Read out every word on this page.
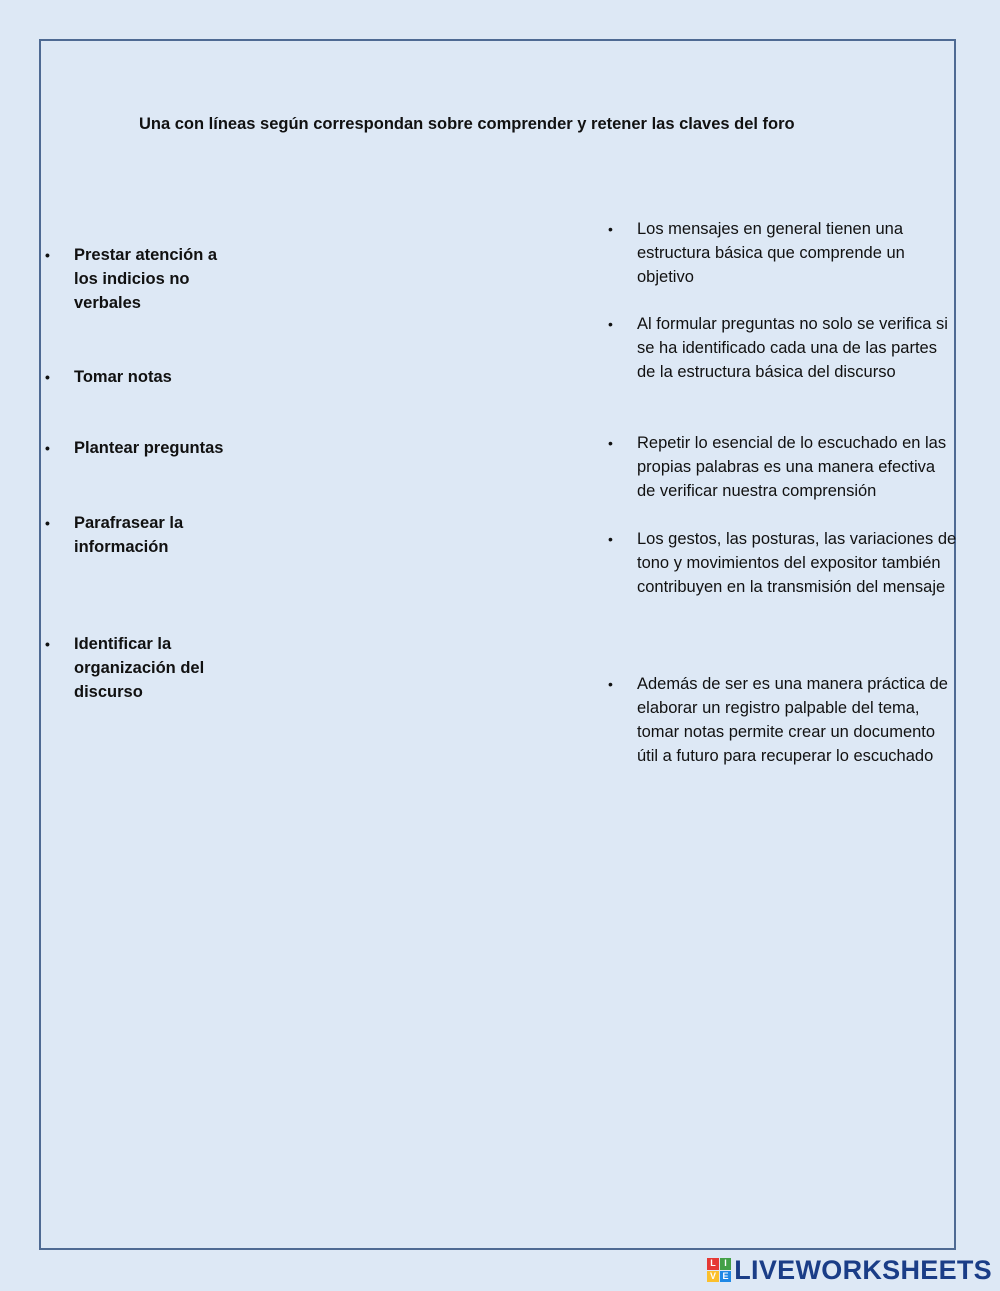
Una con líneas según correspondan sobre comprender y retener las claves del foro
• Prestar atención a los indicios no verbales
• Tomar notas
• Plantear preguntas
• Parafrasear la información
• Identificar la organización del discurso
• Los mensajes en general tienen una estructura básica que comprende un objetivo
• Al formular preguntas no solo se verifica si se ha identificado cada una de las partes de la estructura básica del discurso
• Repetir lo esencial de lo escuchado en las propias palabras es una manera efectiva de verificar nuestra comprensión
• Los gestos, las posturas, las variaciones de tono y movimientos del expositor también contribuyen en la transmisión del mensaje
• Además de ser es una manera práctica de elaborar un registro palpable del tema, tomar notas permite crear un documento útil a futuro para recuperar lo escuchado
L I
V E LIVEWORKSHEETS
